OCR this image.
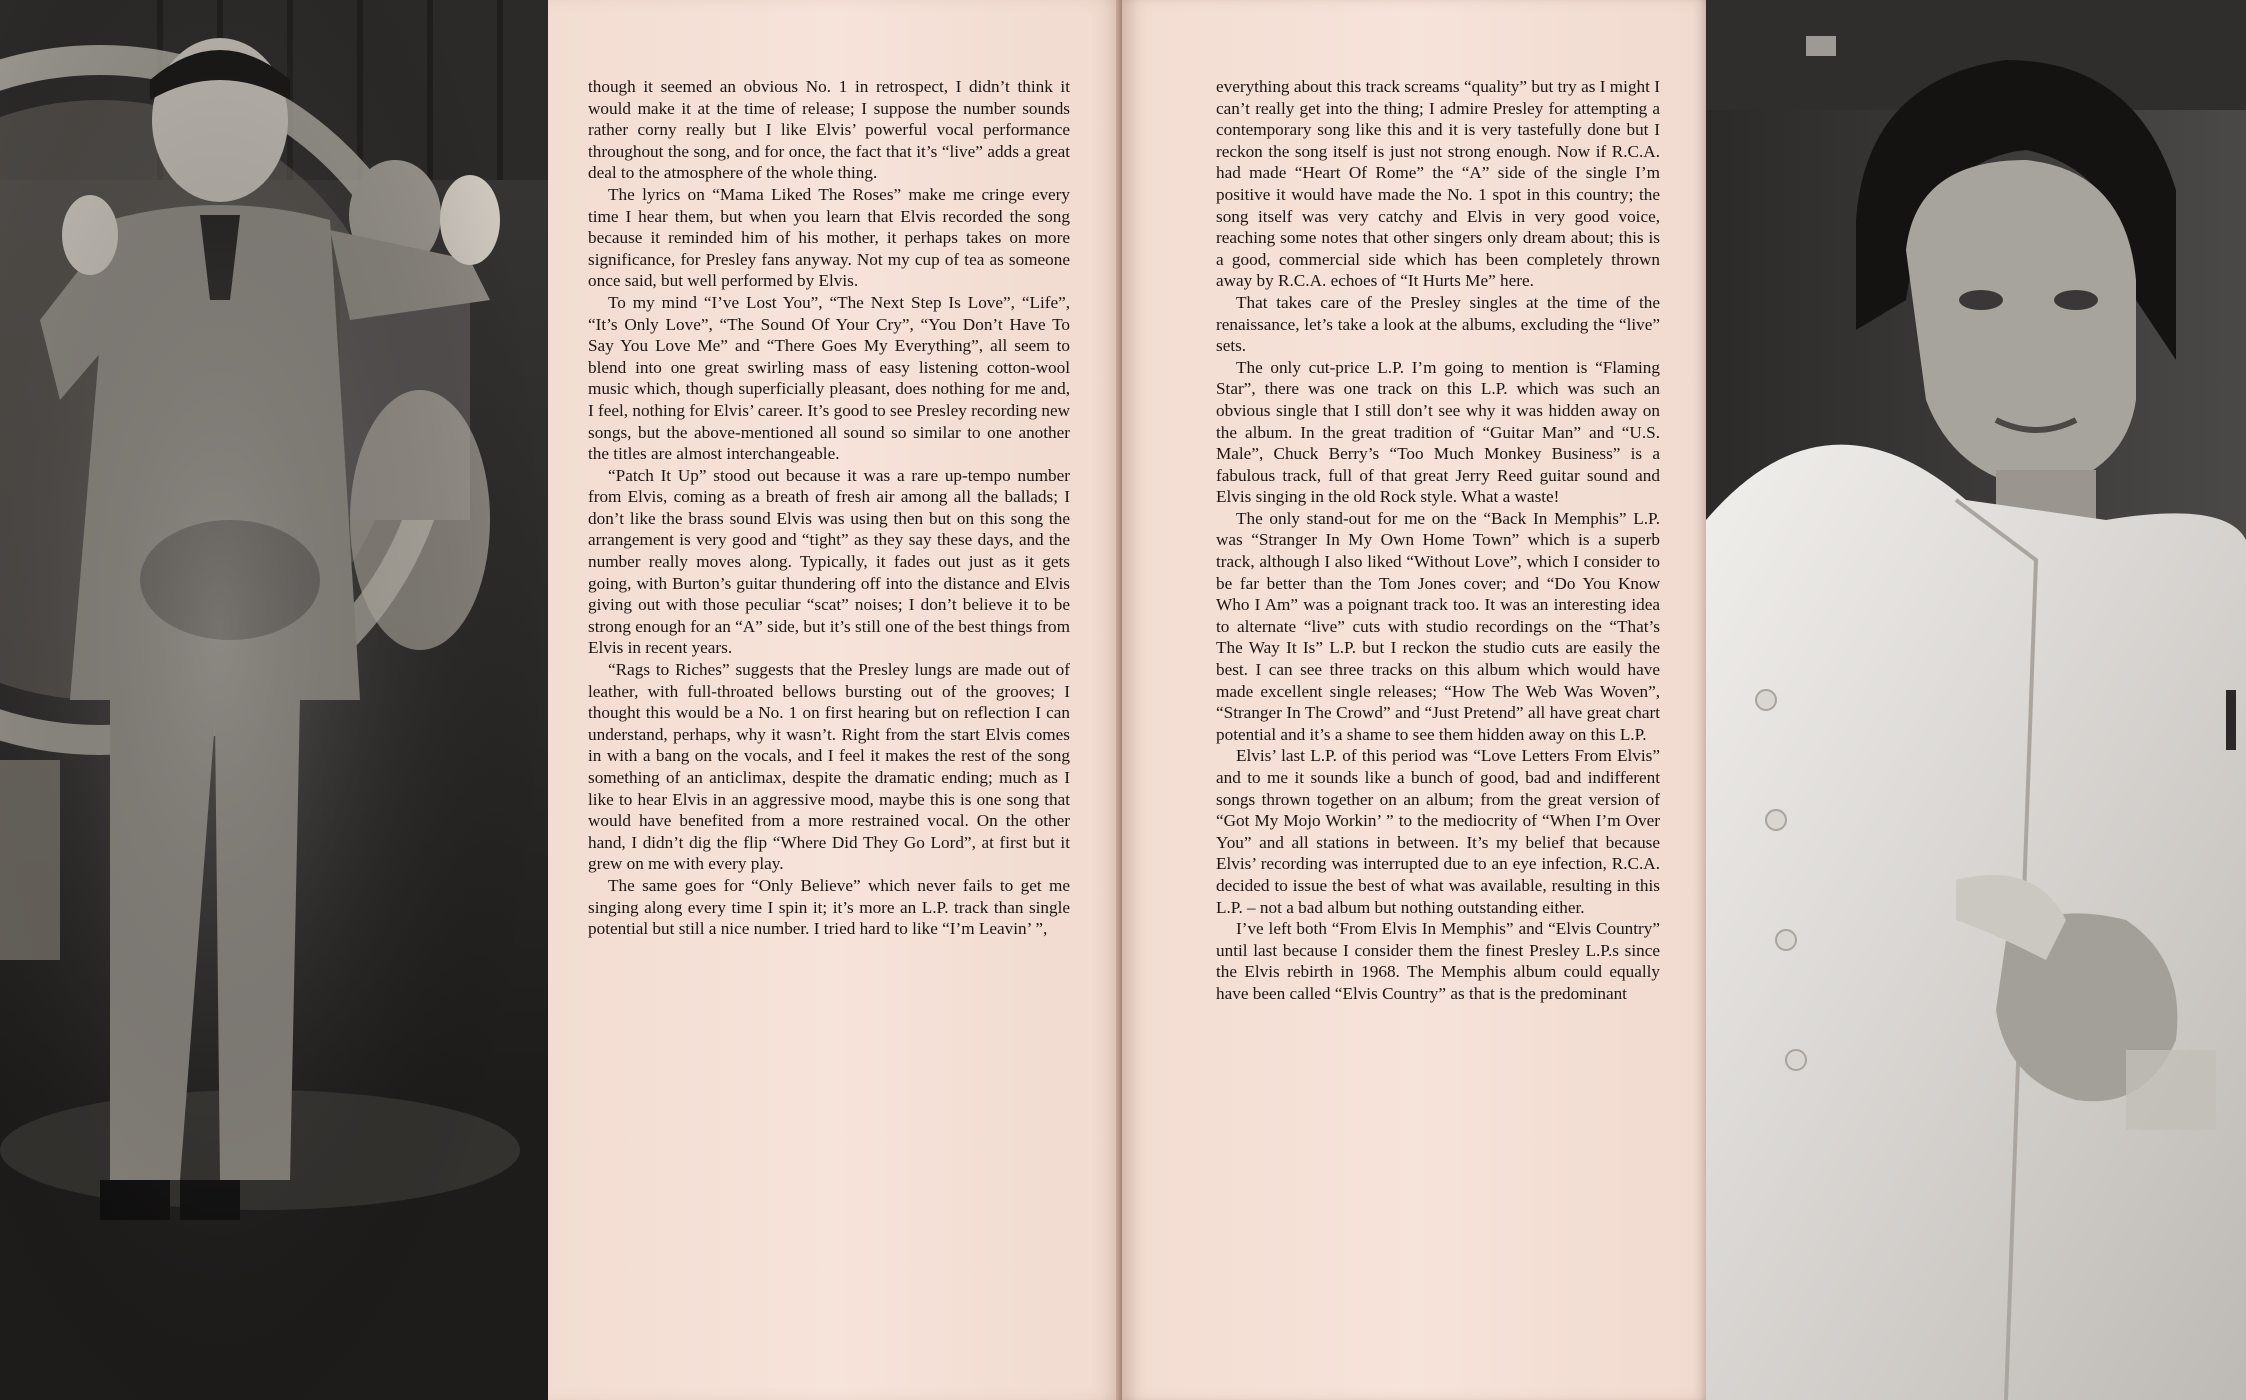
though it seemed an obvious No. 1 in retrospect, I didn’t think it would make it at the time of release; I suppose the number sounds rather corny really but I like Elvis’ powerful vocal performance throughout the song, and for once, the fact that it’s “live” adds a great deal to the atmosphere of the whole thing.

The lyrics on “Mama Liked The Roses” make me cringe every time I hear them, but when you learn that Elvis recorded the song because it reminded him of his mother, it perhaps takes on more significance, for Presley fans anyway. Not my cup of tea as someone once said, but well performed by Elvis.

To my mind “I’ve Lost You”, “The Next Step Is Love”, “Life”, “It’s Only Love”, “The Sound Of Your Cry”, “You Don’t Have To Say You Love Me” and “There Goes My Everything”, all seem to blend into one great swirling mass of easy listening cotton-wool music which, though superficially pleasant, does nothing for me and, I feel, nothing for Elvis’ career. It’s good to see Presley recording new songs, but the above-mentioned all sound so similar to one another the titles are almost interchangeable.

“Patch It Up” stood out because it was a rare up-tempo number from Elvis, coming as a breath of fresh air among all the ballads; I don’t like the brass sound Elvis was using then but on this song the arrangement is very good and “tight” as they say these days, and the number really moves along. Typically, it fades out just as it gets going, with Burton’s guitar thundering off into the distance and Elvis giving out with those peculiar “scat” noises; I don’t believe it to be strong enough for an “A” side, but it’s still one of the best things from Elvis in recent years.

“Rags to Riches” suggests that the Presley lungs are made out of leather, with full-throated bellows bursting out of the grooves; I thought this would be a No. 1 on first hearing but on reflection I can understand, perhaps, why it wasn’t. Right from the start Elvis comes in with a bang on the vocals, and I feel it makes the rest of the song something of an anticlimax, despite the dramatic ending; much as I like to hear Elvis in an aggressive mood, maybe this is one song that would have benefited from a more restrained vocal. On the other hand, I didn’t dig the flip “Where Did They Go Lord”, at first but it grew on me with every play.

The same goes for “Only Believe” which never fails to get me singing along every time I spin it; it’s more an L.P. track than single potential but still a nice number. I tried hard to like “I’m Leavin’ ”,

everything about this track screams “quality” but try as I might I can’t really get into the thing; I admire Presley for attempting a contemporary song like this and it is very tastefully done but I reckon the song itself is just not strong enough. Now if R.C.A. had made “Heart Of Rome” the “A” side of the single I’m positive it would have made the No. 1 spot in this country; the song itself was very catchy and Elvis in very good voice, reaching some notes that other singers only dream about; this is a good, commercial side which has been completely thrown away by R.C.A. echoes of “It Hurts Me” here.

That takes care of the Presley singles at the time of the renaissance, let’s take a look at the albums, excluding the “live” sets.

The only cut-price L.P. I’m going to mention is “Flaming Star”, there was one track on this L.P. which was such an obvious single that I still don’t see why it was hidden away on the album. In the great tradition of “Guitar Man” and “U.S. Male”, Chuck Berry’s “Too Much Monkey Business” is a fabulous track, full of that great Jerry Reed guitar sound and Elvis singing in the old Rock style. What a waste!

The only stand-out for me on the “Back In Memphis” L.P. was “Stranger In My Own Home Town” which is a superb track, although I also liked “Without Love”, which I consider to be far better than the Tom Jones cover; and “Do You Know Who I Am” was a poignant track too. It was an interesting idea to alternate “live” cuts with studio recordings on the “That’s The Way It Is” L.P. but I reckon the studio cuts are easily the best. I can see three tracks on this album which would have made excellent single releases; “How The Web Was Woven”, “Stranger In The Crowd” and “Just Pretend” all have great chart potential and it’s a shame to see them hidden away on this L.P.

Elvis’ last L.P. of this period was “Love Letters From Elvis” and to me it sounds like a bunch of good, bad and indifferent songs thrown together on an album; from the great version of “Got My Mojo Workin’ ” to the mediocrity of “When I’m Over You” and all stations in between. It’s my belief that because Elvis’ recording was interrupted due to an eye infection, R.C.A. decided to issue the best of what was available, resulting in this L.P. – not a bad album but nothing outstanding either.

I’ve left both “From Elvis In Memphis” and “Elvis Country” until last because I consider them the finest Presley L.P.s since the Elvis rebirth in 1968. The Memphis album could equally have been called “Elvis Country” as that is the predominant
